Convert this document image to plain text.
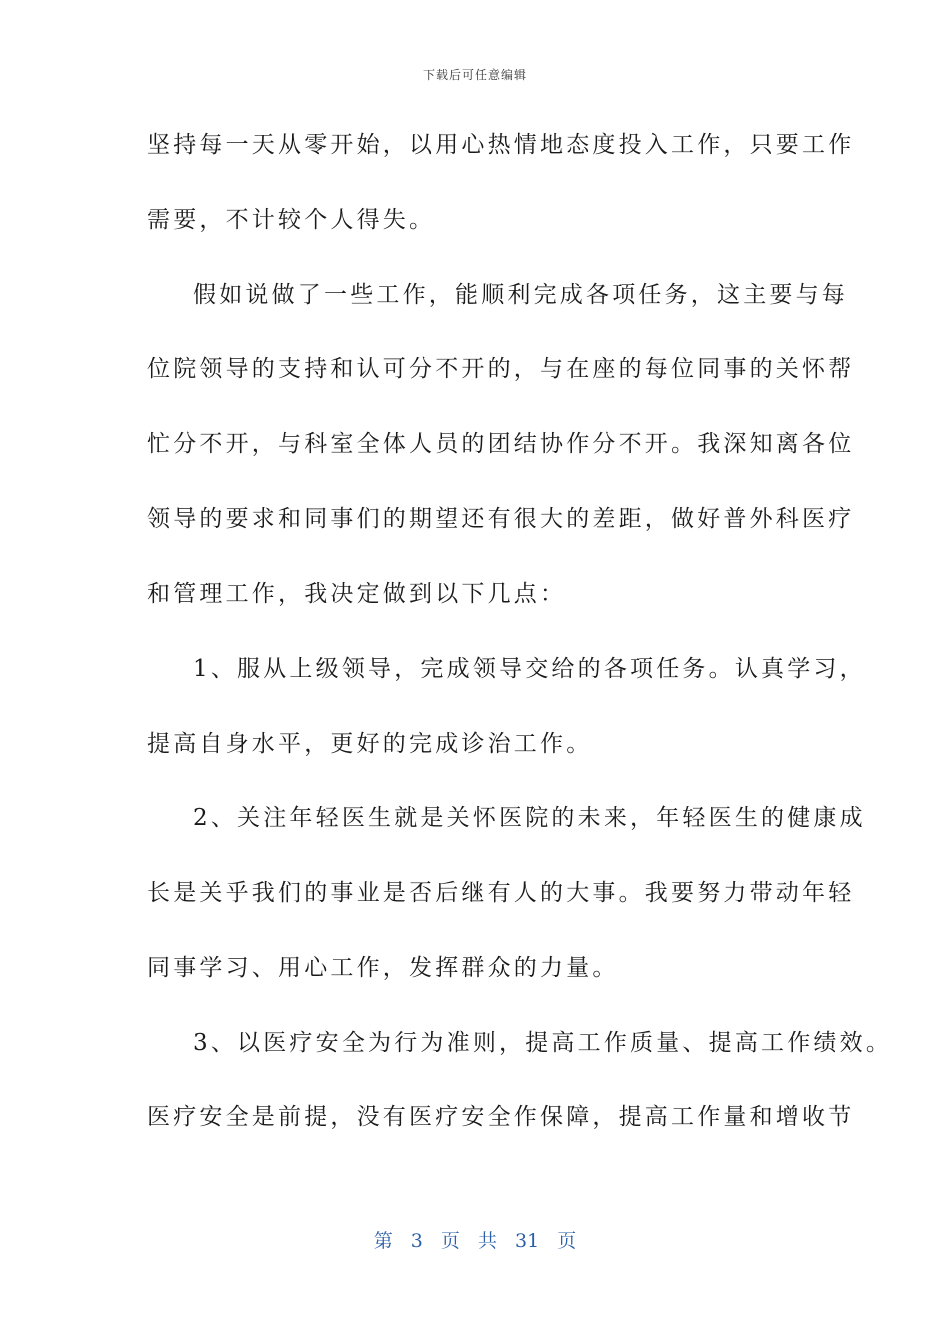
下载后可任意编辑
坚持每一天从零开始，以用心热情地态度投入工作，只要工作
需要，不计较个人得失。
假如说做了一些工作，能顺利完成各项任务，这主要与每
位院领导的支持和认可分不开的，与在座的每位同事的关怀帮
忙分不开，与科室全体人员的团结协作分不开。我深知离各位
领导的要求和同事们的期望还有很大的差距，做好普外科医疗
和管理工作，我决定做到以下几点：
1、服从上级领导，完成领导交给的各项任务。认真学习，
提高自身水平，更好的完成诊治工作。
2、关注年轻医生就是关怀医院的未来，年轻医生的健康成
长是关乎我们的事业是否后继有人的大事。我要努力带动年轻
同事学习、用心工作，发挥群众的力量。
3、以医疗安全为行为准则，提高工作质量、提高工作绩效。
医疗安全是前提，没有医疗安全作保障，提高工作量和增收节
第 3 页 共 31 页
